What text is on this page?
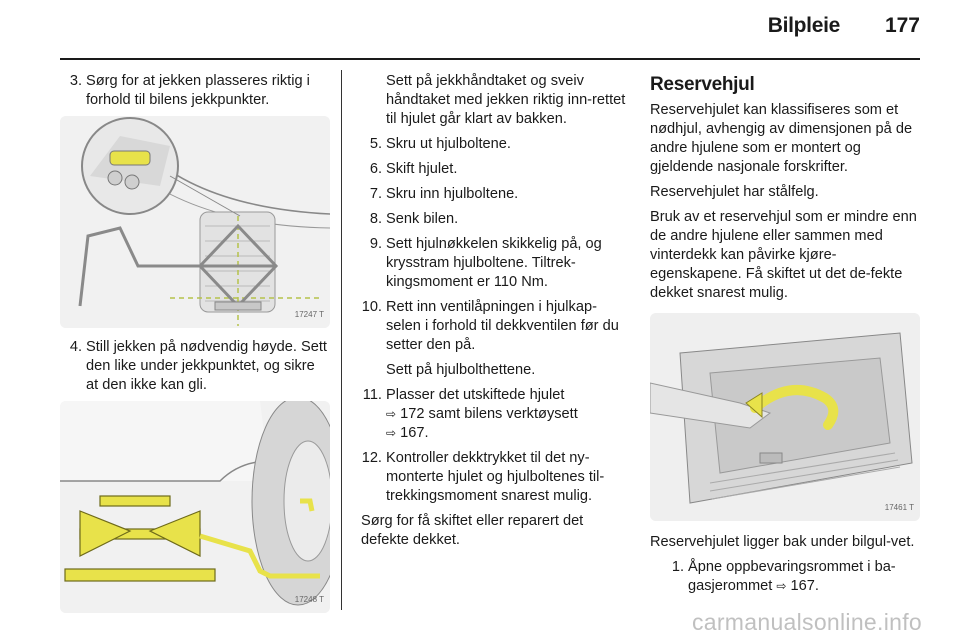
Bilpleie 177
3. Sørg for at jekken plasseres riktig i forhold til bilens jekkpunkter.
17247 T
4. Still jekken på nødvendig høyde. Sett den like under jekkpunktet, og sikre at den ikke kan gli.
17248 T
Sett på jekkhåndtaket og sveiv håndtaket med jekken riktig inn-rettet til hjulet går klart av bakken.
5. Skru ut hjulboltene.
6. Skift hjulet.
7. Skru inn hjulboltene.
8. Senk bilen.
9. Sett hjulnøkkelen skikkelig på, og krysstram hjulboltene. Tiltrek-kingsmoment er 110 Nm.
10. Rett inn ventilåpningen i hjulkap-selen i forhold til dekkventilen før du setter den på.

Sett på hjulbolthettene.

11. Plasser det utskiftede hjulet
⇨ 172 samt bilens verktøysett
⇨ 167.
12. Kontroller dekktrykket til det ny-monterte hjulet og hjulboltenes til-trekkingsmoment snarest mulig.

Sørg for få skiftet eller reparert det defekte dekket.

Reservehjul

Reservehjulet kan klassifiseres som et nødhjul, avhengig av dimensjonen på de andre hjulene som er montert og gjeldende nasjonale forskrifter.

Reservehjulet har stålfelg.

Bruk av et reservehjul som er mindre enn de andre hjulene eller sammen med vinterdekk kan påvirke kjøre-egenskapene. Få skiftet ut det de-fekte dekket snarest mulig.

17461 T

Reservehjulet ligger bak under bilgul-vet.

1. Åpne oppbevaringsrommet i ba-gasjerommet ⇨ 167.
carmanualsonline.info
